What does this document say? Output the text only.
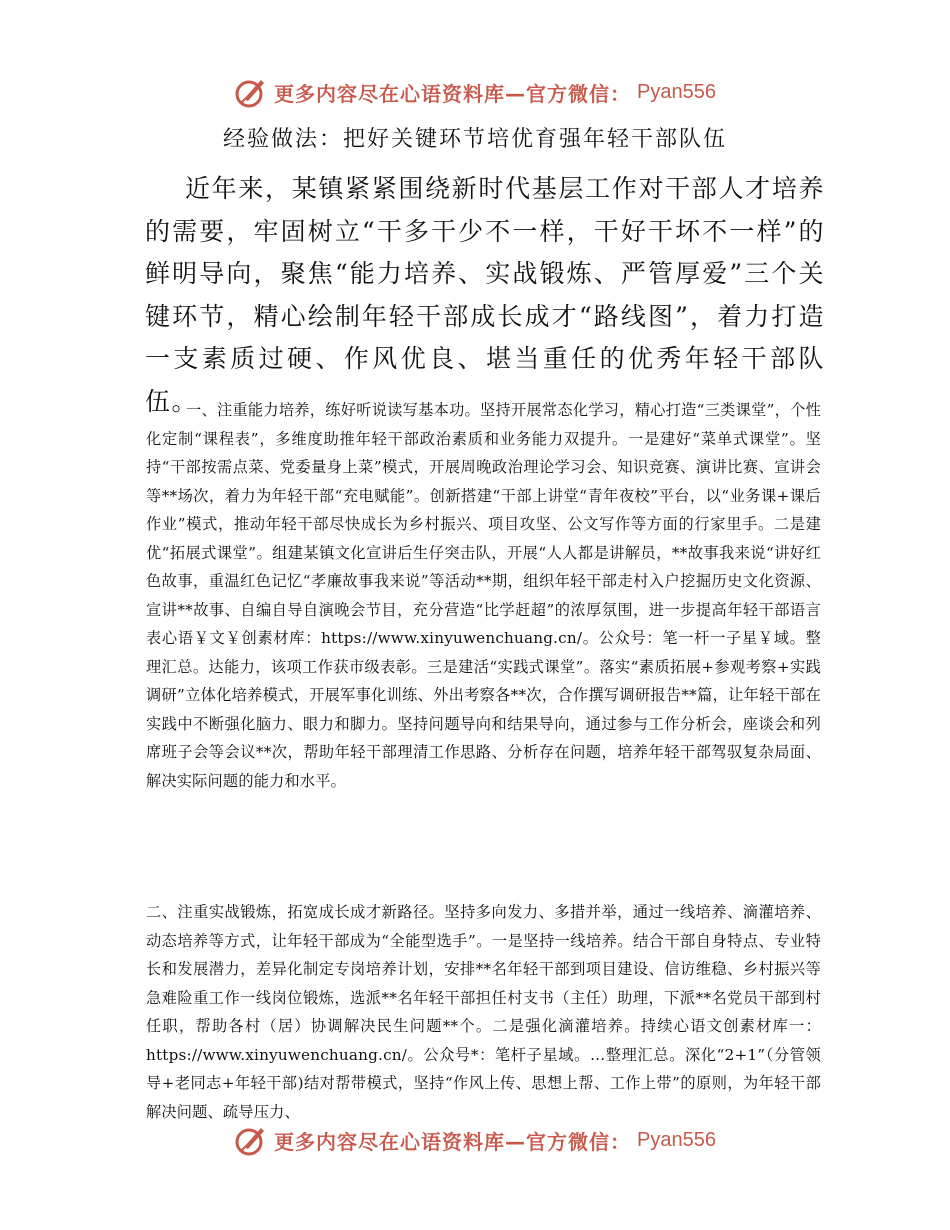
更多内容尽在心语资料库—官方微信： Pyan556
经验做法：把好关键环节培优育强年轻干部队伍

近年来，某镇紧紧围绕新时代基层工作对干部人才培养的需要，牢固树立“干多干少不一样，干好干坏不一样”的鲜明导向，聚焦“能力培养、实战锻炼、严管厚爱”三个关键环节，精心绘制年轻干部成长成才“路线图”，着力打造一支素质过硬、作风优良、堪当重任的优秀年轻干部队伍。

一、注重能力培养，练好听说读写基本功。坚持开展常态化学习，精心打造“三类课堂”，个性化定制“课程表”，多维度助推年轻干部政治素质和业务能力双提升。一是建好“菜单式课堂”。坚持“干部按需点菜、党委量身上菜”模式，开展周晚政治理论学习会、知识竞赛、演讲比赛、宣讲会等**场次，着力为年轻干部“充电赋能”。创新搭建“干部上讲堂“青年夜校”平台，以“业务课+课后作业”模式，推动年轻干部尽快成长为乡村振兴、项目攻坚、公文写作等方面的行家里手。二是建优“拓展式课堂”。组建某镇文化宣讲后生仔突击队，开展“人人都是讲解员，**故事我来说“讲好红色故事，重温红色记忆“孝廉故事我来说”等活动**期，组织年轻干部走村入户挖掘历史文化资源、宣讲**故事、自编自导自演晚会节目，充分营造“比学赶超”的浓厚氛围，进一步提高年轻干部语言表心语￥文￥创素材库：https://www.xinyuwenchuang.cn/。公众号：笔一杆一子星￥域。整理汇总。达能力，该项工作获市级表彰。三是建活“实践式课堂”。落实“素质拓展+参观考察+实践调研”立体化培养模式，开展军事化训练、外出考察各**次，合作撰写调研报告**篇，让年轻干部在实践中不断强化脑力、眼力和脚力。坚持问题导向和结果导向，通过参与工作分析会，座谈会和列席班子会等会议**次，帮助年轻干部理清工作思路、分析存在问题，培养年轻干部驾驭复杂局面、解决实际问题的能力和水平。

二、注重实战锻炼，拓宽成长成才新路径。坚持多向发力、多措并举，通过一线培养、滴灌培养、动态培养等方式，让年轻干部成为“全能型选手”。一是坚持一线培养。结合干部自身特点、专业特长和发展潜力，差异化制定专岗培养计划，安排**名年轻干部到项目建设、信访维稳、乡村振兴等急难险重工作一线岗位锻炼，选派**名年轻干部担任村支书（主任）助理，下派**名党员干部到村任职，帮助各村（居）协调解决民生问题**个。二是强化滴灌培养。持续心语文创素材库一：https://www.xinyuwenchuang.cn/。公众号*：笔杆子星域。…整理汇总。深化“2+1”（分管领导+老同志+年轻干部)结对帮带模式，坚持“作风上传、思想上帮、工作上带”的原则，为年轻干部解决问题、疏导压力、

更多内容尽在心语资料库—官方微信： Pyan556
